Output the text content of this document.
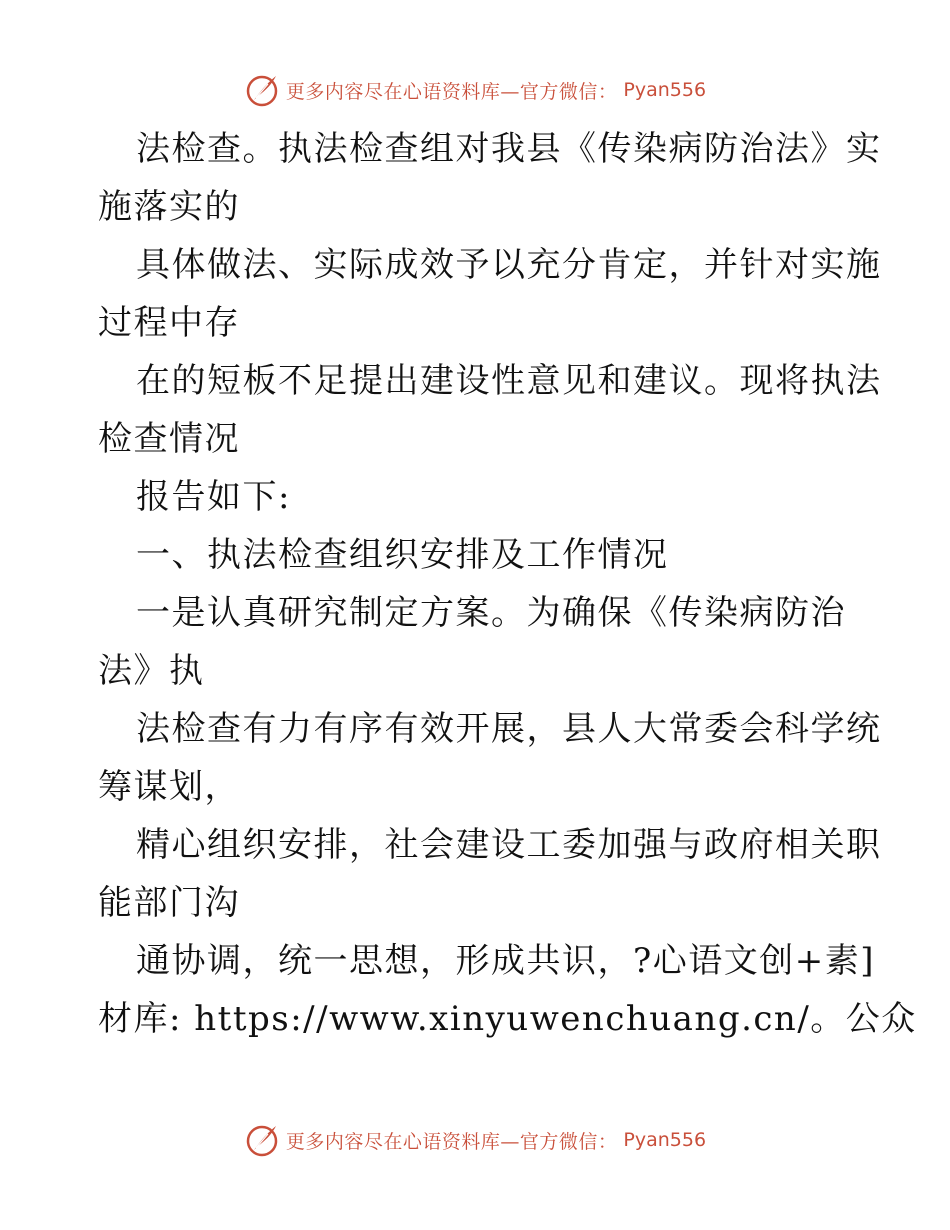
更多内容尽在心语资料库—官方微信： Pyan556
法检查。执法检查组对我县《传染病防治法》实
施落实的
具体做法、实际成效予以充分肯定，并针对实施
过程中存
在的短板不足提出建设性意见和建议。现将执法
检查情况
报告如下:
一、执法检查组织安排及工作情况
一是认真研究制定方案。为确保《传染病防治
法》执
法检查有力有序有效开展，县人大常委会科学统
筹谋划，
精心组织安排，社会建设工委加强与政府相关职
能部门沟
通协调，统一思想，形成共识，?心语文创+素]
材库: https://www.xinyuwenchuang.cn/。公众
更多内容尽在心语资料库—官方微信： Pyan556
